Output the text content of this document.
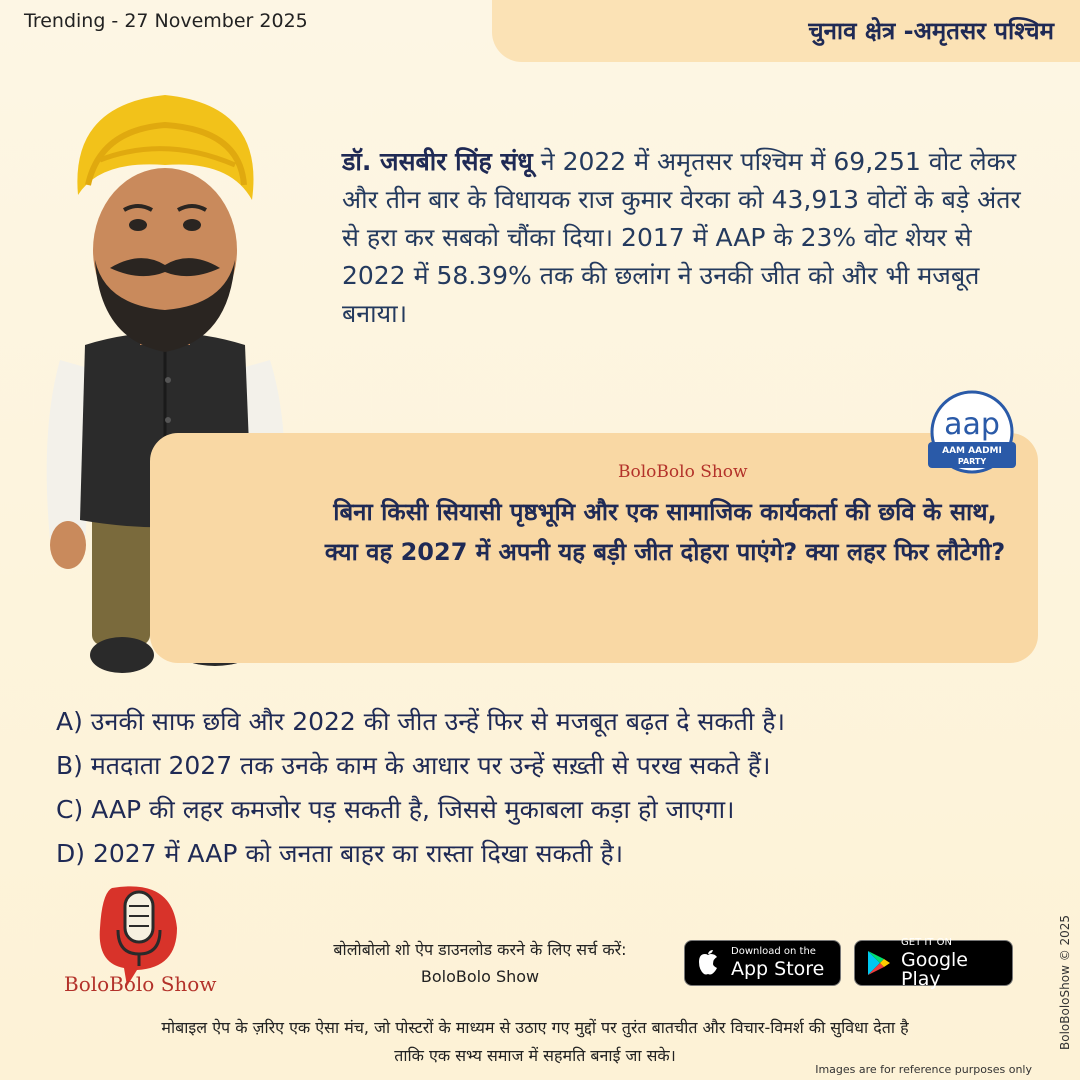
Trending - 27 November 2025	चुनाव क्षेत्र -अमृतसर पश्चिम
डॉ. जसबीर सिंह संधू ने 2022 में अमृतसर पश्चिम में 69,251 वोट लेकर और तीन बार के विधायक राज कुमार वेरका को 43,913 वोटों के बड़े अंतर से हरा कर सबको चौंका दिया। 2017 में AAP के 23% वोट शेयर से 2022 में 58.39% तक की छलांग ने उनकी जीत को और भी मजबूत बनाया।
aap
AAM AADMI
PARTY
BoloBolo Show
बिना किसी सियासी पृष्ठभूमि और एक सामाजिक कार्यकर्ता की छवि के साथ, क्या वह 2027 में अपनी यह बड़ी जीत दोहरा पाएंगे? क्या लहर फिर लौटेगी?
A) उनकी साफ छवि और 2022 की जीत उन्हें फिर से मजबूत बढ़त दे सकती है।
B) मतदाता 2027 तक उनके काम के आधार पर उन्हें सख़्ती से परख सकते हैं।
C) AAP की लहर कमजोर पड़ सकती है, जिससे मुकाबला कड़ा हो जाएगा।
D) 2027 में AAP को जनता बाहर का रास्ता दिखा सकती है।
BoloBolo Show
बोलोबोलो शो ऐप डाउनलोड करने के लिए सर्च करें:
BoloBolo Show
Download on the
App Store
GET IT ON
Google Play
मोबाइल ऐप के ज़रिए एक ऐसा मंच, जो पोस्टरों के माध्यम से उठाए गए मुद्दों पर तुरंत बातचीत और विचार-विमर्श की सुविधा देता है
ताकि एक सभ्य समाज में सहमति बनाई जा सके।
BoloBoloShow © 2025
Images are for reference purposes only
